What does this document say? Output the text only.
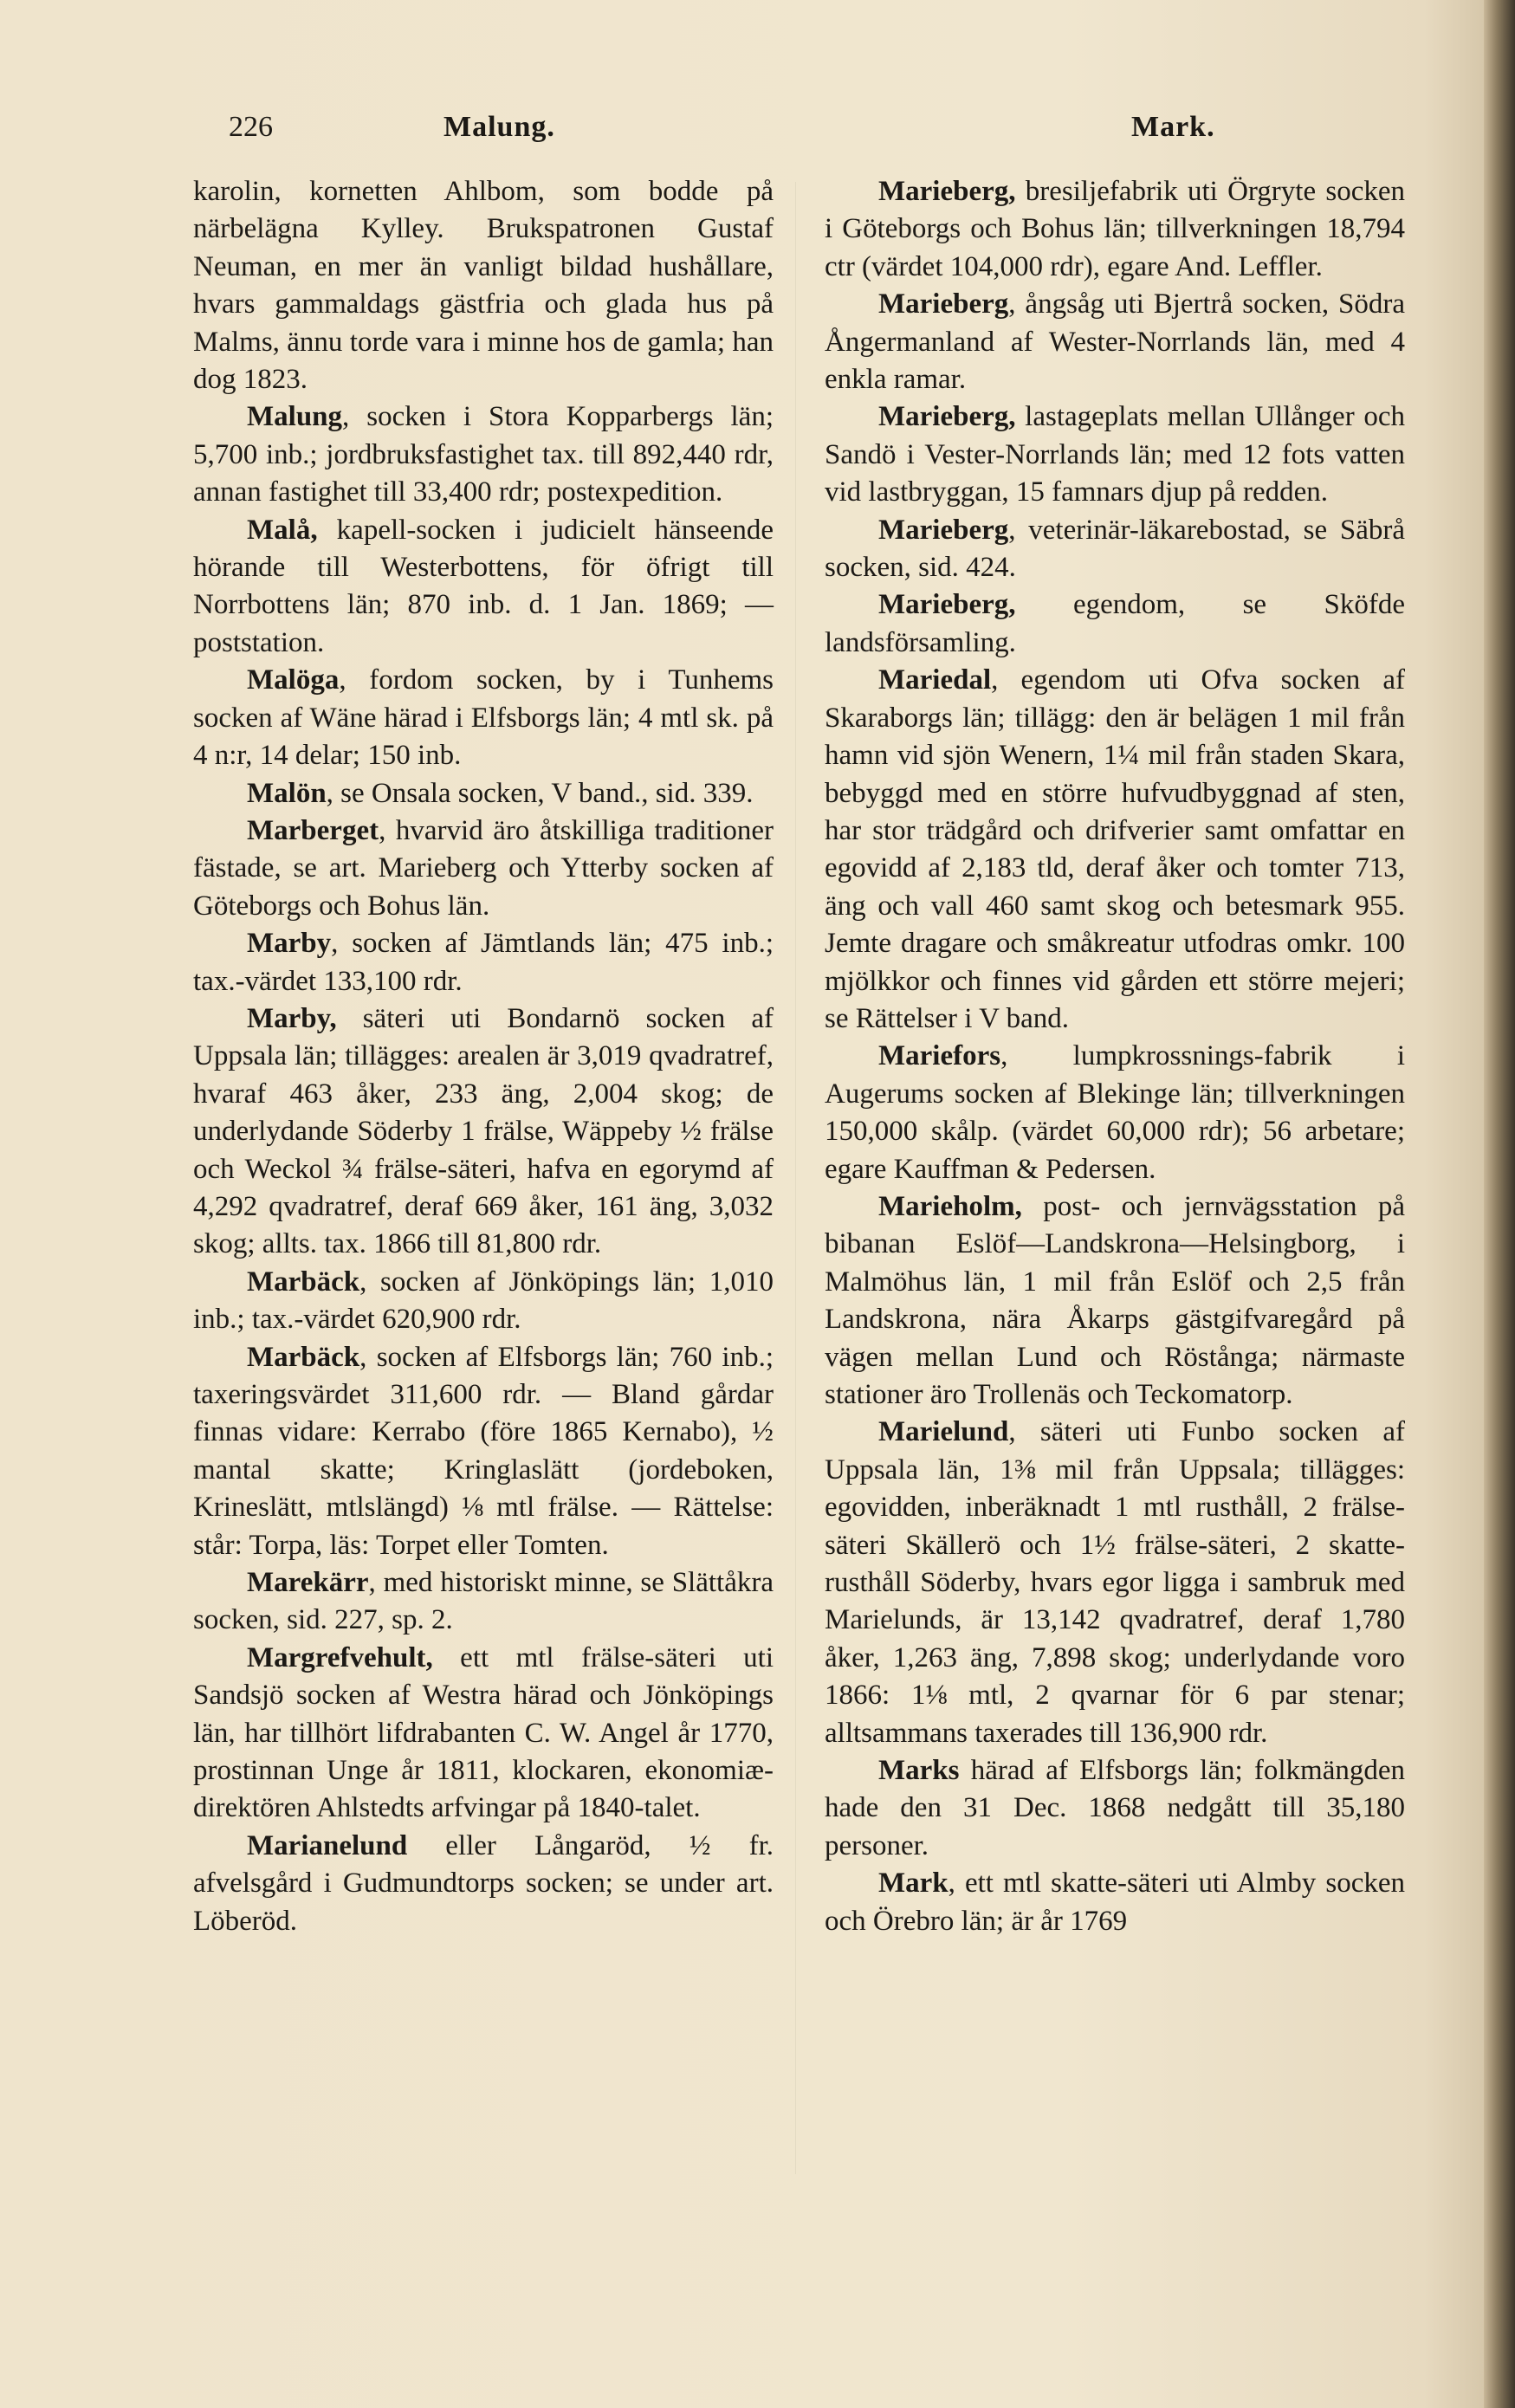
226	Malung.	Mark.

karolin, kornetten Ahlbom, som bodde på närbelägna Kylley. Brukspatronen Gustaf Neuman, en mer än vanligt bildad hushållare, hvars gammaldags gästfria och glada hus på Malms, ännu torde vara i minne hos de gamla; han dog 1823.

Malung, socken i Stora Kopparbergs län; 5,700 inb.; jordbruksfastighet tax. till 892,440 rdr, annan fastighet till 33,400 rdr; postexpedition.

Malå, kapell-socken i judicielt hänseende hörande till Westerbottens, för öfrigt till Norrbottens län; 870 inb. d. 1 Jan. 1869; — poststation.

Malöga, fordom socken, by i Tunhems socken af Wäne härad i Elfsborgs län; 4 mtl sk. på 4 n:r, 14 delar; 150 inb.

Malön, se Onsala socken, V band., sid. 339.

Marberget, hvarvid äro åtskilliga traditioner fästade, se art. Marieberg och Ytterby socken af Göteborgs och Bohus län.

Marby, socken af Jämtlands län; 475 inb.; tax.-värdet 133,100 rdr.

Marby, säteri uti Bondarnö socken af Uppsala län; tillägges: arealen är 3,019 qvadratref, hvaraf 463 åker, 233 äng, 2,004 skog; de underlydande Söderby 1 frälse, Wäppeby ½ frälse och Weckol ¾ frälse-säteri, hafva en egorymd af 4,292 qvadratref, deraf 669 åker, 161 äng, 3,032 skog; allts. tax. 1866 till 81,800 rdr.

Marbäck, socken af Jönköpings län; 1,010 inb.; tax.-värdet 620,900 rdr.

Marbäck, socken af Elfsborgs län; 760 inb.; taxeringsvärdet 311,600 rdr. — Bland gårdar finnas vidare: Kerrabo (före 1865 Kernabo), ½ mantal skatte; Kringlaslätt (jordeboken, Krineslätt, mtlslängd) ⅛ mtl frälse. — Rättelse: står: Torpa, läs: Torpet eller Tomten.

Marekärr, med historiskt minne, se Slättåkra socken, sid. 227, sp. 2.

Margrefvehult, ett mtl frälse-säteri uti Sandsjö socken af Westra härad och Jönköpings län, har tillhört lifdrabanten C. W. Angel år 1770, prostinnan Unge år 1811, klockaren, ekonomiæ-direktören Ahlstedts arfvingar på 1840-talet.

Marianelund eller Långaröd, ½ fr. afvelsgård i Gudmundtorps socken; se under art. Löberöd.

Marieberg, bresiljefabrik uti Örgryte socken i Göteborgs och Bohus län; tillverkningen 18,794 ctr (värdet 104,000 rdr), egare And. Leffler.

Marieberg, ångsåg uti Bjertrå socken, Södra Ångermanland af Wester-Norrlands län, med 4 enkla ramar.

Marieberg, lastageplats mellan Ullånger och Sandö i Vester-Norrlands län; med 12 fots vatten vid lastbryggan, 15 famnars djup på redden.

Marieberg, veterinär-läkarebostad, se Säbrå socken, sid. 424.

Marieberg, egendom, se Sköfde landsförsamling.

Mariedal, egendom uti Ofva socken af Skaraborgs län; tillägg: den är belägen 1 mil från hamn vid sjön Wenern, 1¼ mil från staden Skara, bebyggd med en större hufvudbyggnad af sten, har stor trädgård och drifverier samt omfattar en egovidd af 2,183 tld, deraf åker och tomter 713, äng och vall 460 samt skog och betesmark 955. Jemte dragare och småkreatur utfodras omkr. 100 mjölkkor och finnes vid gården ett större mejeri; se Rättelser i V band.

Mariefors, lumpkrossnings-fabrik i Augerums socken af Blekinge län; tillverkningen 150,000 skålp. (värdet 60,000 rdr); 56 arbetare; egare Kauffman & Pedersen.

Marieholm, post- och jernvägsstation på bibanan Eslöf—Landskrona—Helsingborg, i Malmöhus län, 1 mil från Eslöf och 2,5 från Landskrona, nära Åkarps gästgifvaregård på vägen mellan Lund och Röstånga; närmaste stationer äro Trollenäs och Teckomatorp.

Marielund, säteri uti Funbo socken af Uppsala län, 1⅜ mil från Uppsala; tillägges: egovidden, inberäknadt 1 mtl rusthåll, 2 frälse-säteri Skällerö och 1½ frälse-säteri, 2 skatte-rusthåll Söderby, hvars egor ligga i sambruk med Marielunds, är 13,142 qvadratref, deraf 1,780 åker, 1,263 äng, 7,898 skog; underlydande voro 1866: 1⅛ mtl, 2 qvarnar för 6 par stenar; alltsammans taxerades till 136,900 rdr.

Marks härad af Elfsborgs län; folkmängden hade den 31 Dec. 1868 nedgått till 35,180 personer.

Mark, ett mtl skatte-säteri uti Almby socken och Örebro län; är år 1769
